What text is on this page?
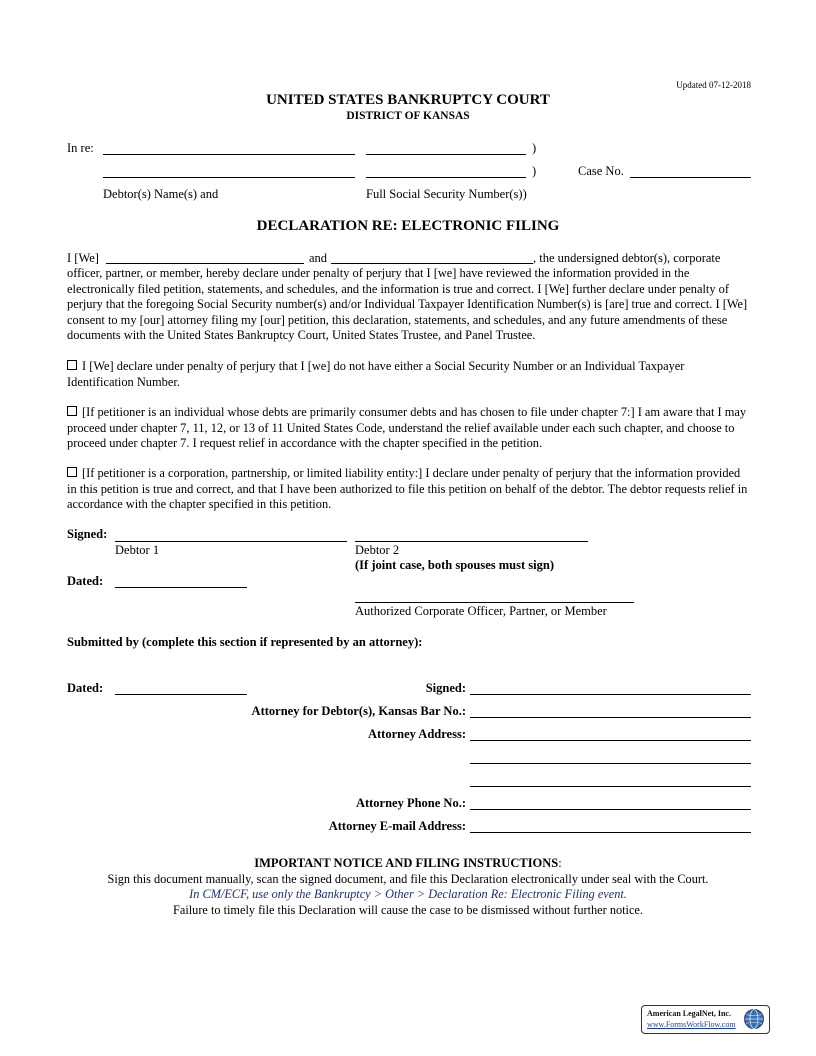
Updated 07-12-2018
UNITED STATES BANKRUPTCY COURT
DISTRICT OF KANSAS
In re:	)
)	Case No.
Debtor(s) Name(s) and	Full Social Security Number(s))
DECLARATION RE: ELECTRONIC FILING
I [We]	and	, the undersigned debtor(s), corporate
officer, partner, or member, hereby declare under penalty of perjury that I [we] have reviewed the information provided in the electronically filed petition, statements, and schedules, and the information is true and correct. I [We] further declare under penalty of perjury that the foregoing Social Security number(s) and/or Individual Taxpayer Identification Number(s) is [are] true and correct. I [We] consent to my [our] attorney filing my [our] petition, this declaration, statements, and schedules, and any future amendments of these documents with the United States Bankruptcy Court, United States Trustee, and Panel Trustee.
I [We] declare under penalty of perjury that I [we] do not have either a Social Security Number or an Individual Taxpayer Identification Number.
[If petitioner is an individual whose debts are primarily consumer debts and has chosen to file under chapter 7:] I am aware that I may proceed under chapter 7, 11, 12, or 13 of 11 United States Code, understand the relief available under each such chapter, and choose to proceed under chapter 7. I request relief in accordance with the chapter specified in the petition.
[If petitioner is a corporation, partnership, or limited liability entity:] I declare under penalty of perjury that the information provided in this petition is true and correct, and that I have been authorized to file this petition on behalf of the debtor. The debtor requests relief in accordance with the chapter specified in this petition.
Signed:
Debtor 1	Debtor 2
(If joint case, both spouses must sign)
Dated:
Authorized Corporate Officer, Partner, or Member
Submitted by (complete this section if represented by an attorney):
Dated:	Signed:
Attorney for Debtor(s), Kansas Bar No.:
Attorney Address:
Attorney Phone No.:
Attorney E-mail Address:
IMPORTANT NOTICE AND FILING INSTRUCTIONS:
Sign this document manually, scan the signed document, and file this Declaration electronically under seal with the Court.
In CM/ECF, use only the Bankruptcy > Other > Declaration Re: Electronic Filing event.
Failure to timely file this Declaration will cause the case to be dismissed without further notice.
American LegalNet, Inc.
www.FormsWorkFlow.com
